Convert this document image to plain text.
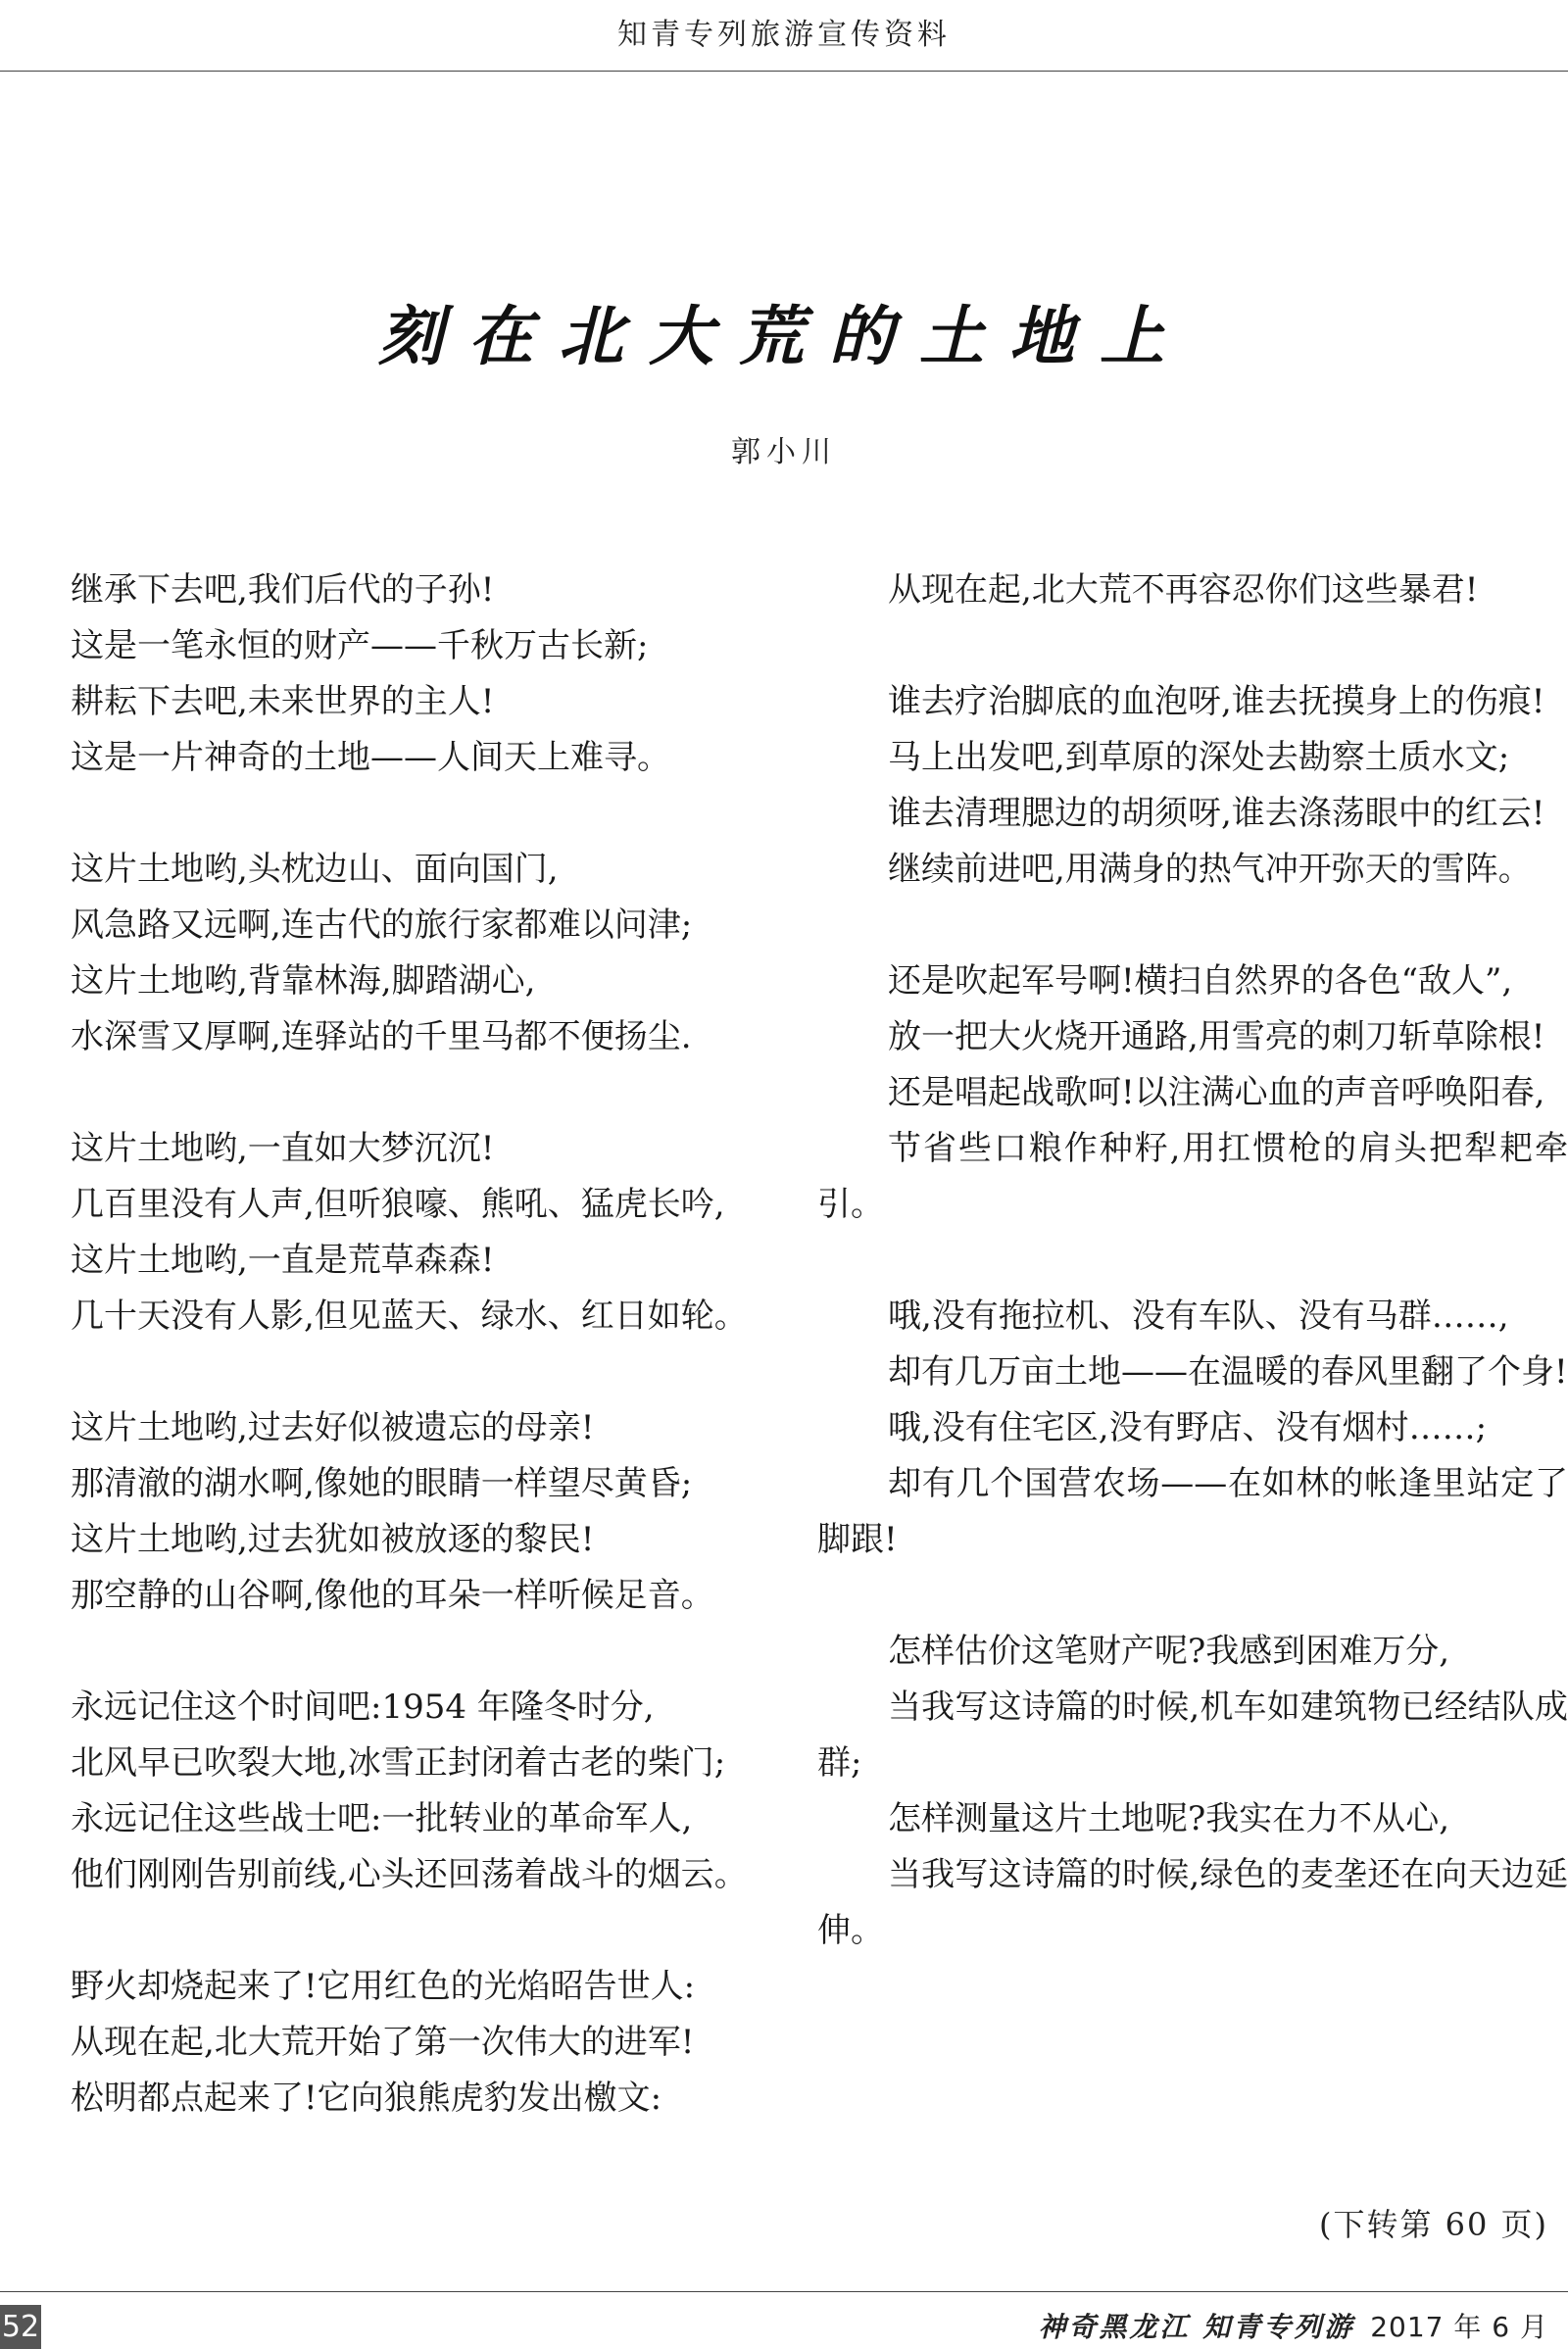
知青专列旅游宣传资料
刻在北大荒的土地上
郭小川

继承下去吧,我们后代的子孙!

这是一笔永恒的财产——千秋万古长新;

耕耘下去吧,未来世界的主人!

这是一片神奇的土地——人间天上难寻。

这片土地哟,头枕边山、面向国门,

风急路又远啊,连古代的旅行家都难以问津;

这片土地哟,背靠林海,脚踏湖心,

水深雪又厚啊,连驿站的千里马都不便扬尘.

这片土地哟,一直如大梦沉沉!

几百里没有人声,但听狼嚎、熊吼、猛虎长吟,

这片土地哟,一直是荒草森森!

几十天没有人影,但见蓝天、绿水、红日如轮。

这片土地哟,过去好似被遗忘的母亲!

那清澈的湖水啊,像她的眼睛一样望尽黄昏;

这片土地哟,过去犹如被放逐的黎民!

那空静的山谷啊,像他的耳朵一样听候足音。

永远记住这个时间吧:1954 年隆冬时分,

北风早已吹裂大地,冰雪正封闭着古老的柴门;

永远记住这些战士吧:一批转业的革命军人,

他们刚刚告别前线,心头还回荡着战斗的烟云。

野火却烧起来了!它用红色的光焰昭告世人:

从现在起,北大荒开始了第一次伟大的进军!

松明都点起来了!它向狼熊虎豹发出檄文:

从现在起,北大荒不再容忍你们这些暴君!

谁去疗治脚底的血泡呀,谁去抚摸身上的伤痕!

马上出发吧,到草原的深处去勘察土质水文;

谁去清理腮边的胡须呀,谁去涤荡眼中的红云!

继续前进吧,用满身的热气冲开弥天的雪阵。

还是吹起军号啊!横扫自然界的各色“敌人”,

放一把大火烧开通路,用雪亮的刺刀斩草除根!

还是唱起战歌呵!以注满心血的声音呼唤阳春,

节省些口粮作种籽,用扛惯枪的肩头把犁耙牵引。

哦,没有拖拉机、没有车队、没有马群……,

却有几万亩土地——在温暖的春风里翻了个身!

哦,没有住宅区,没有野店、没有烟村……;

却有几个国营农场——在如林的帐逢里站定了脚跟!

怎样估价这笔财产呢?我感到困难万分,

当我写这诗篇的时候,机车如建筑物已经结队成群;

怎样测量这片土地呢?我实在力不从心,

当我写这诗篇的时候,绿色的麦垄还在向天边延伸。

(下转第 60 页)
52	神奇黑龙江 知青专列游 2017 年 6 月
